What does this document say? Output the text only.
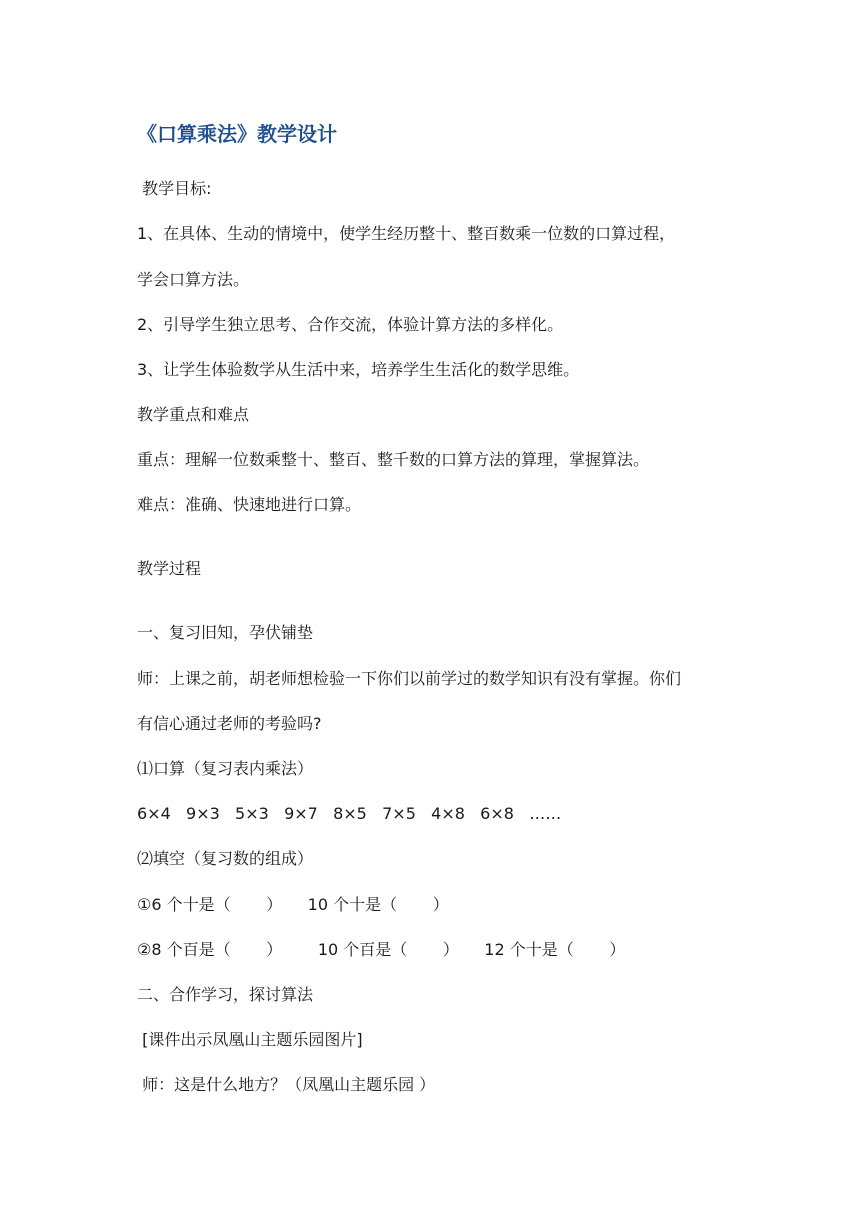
《口算乘法》教学设计
教学目标:
1、在具体、生动的情境中，使学生经历整十、整百数乘一位数的口算过程，
学会口算方法。
2、引导学生独立思考、合作交流，体验计算方法的多样化。
3、让学生体验数学从生活中来，培养学生生活化的数学思维。
教学重点和难点
重点：理解一位数乘整十、整百、整千数的口算方法的算理，掌握算法。
难点：准确、快速地进行口算。
教学过程
一、复习旧知，孕伏铺垫
师：上课之前，胡老师想检验一下你们以前学过的数学知识有没有掌握。你们
有信心通过老师的考验吗?
⑴口算（复习表内乘法）
6×4   9×3   5×3   9×7   8×5   7×5   4×8   6×8   ……
⑵填空（复习数的组成）
①6 个十是（       ）     10 个十是（       ）
②8 个百是（       ）       10 个百是（       ）     12 个十是（       ）
二、合作学习，探讨算法
[课件出示凤凰山主题乐园图片]
师：这是什么地方？（凤凰山主题乐园 ）
